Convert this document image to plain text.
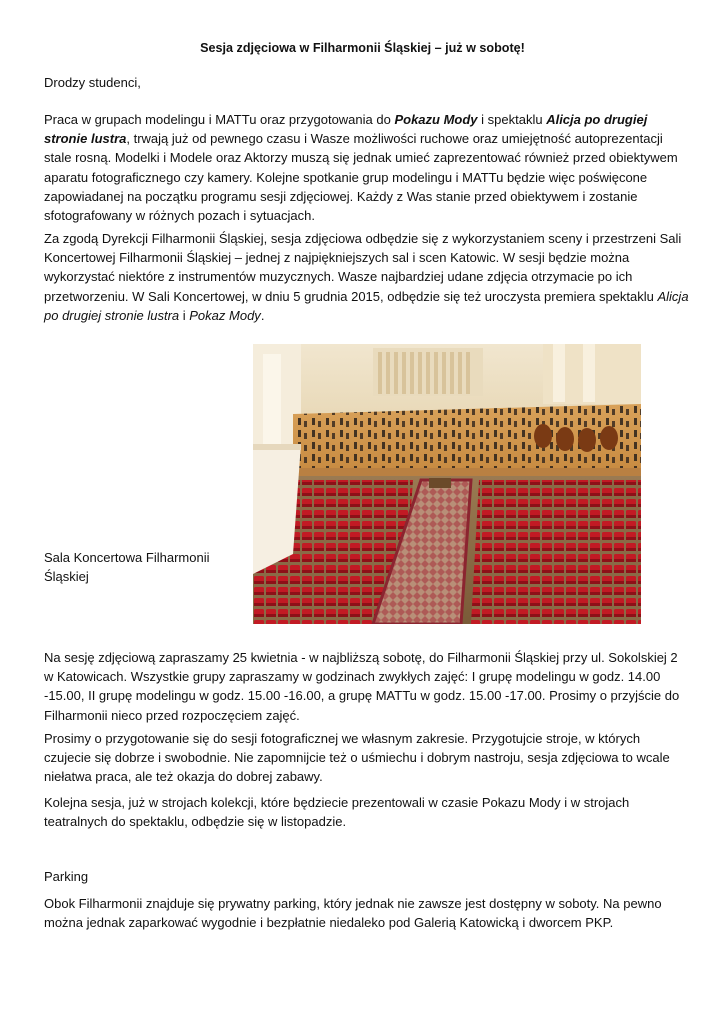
Sesja zdjęciowa w Filharmonii Śląskiej – już w sobotę!

Drodzy studenci,

Praca w grupach modelingu i MATTu oraz przygotowania do Pokazu Mody i spektaklu Alicja po drugiej stronie lustra, trwają już od pewnego czasu i Wasze możliwości ruchowe oraz umiejętność autoprezentacji stale rosną. Modelki i Modele oraz Aktorzy muszą się jednak umieć zaprezentować również przed obiektywem aparatu fotograficznego czy kamery. Kolejne spotkanie grup modelingu i MATTu będzie więc poświęcone zapowiadanej na początku programu sesji zdjęciowej. Każdy z Was stanie przed obiektywem i zostanie sfotografowany w różnych pozach i sytuacjach.

Za zgodą Dyrekcji Filharmonii Śląskiej, sesja zdjęciowa odbędzie się z wykorzystaniem sceny i przestrzeni Sali Koncertowej Filharmonii Śląskiej – jednej z najpiękniejszych sal i scen Katowic. W sesji będzie można wykorzystać niektóre z instrumentów muzycznych. Wasze najbardziej udane zdjęcia otrzymacie po ich przetworzeniu. W Sali Koncertowej, w dniu 5 grudnia 2015, odbędzie się też uroczysta premiera spektaklu Alicja po drugiej stronie lustra i Pokaz Mody.

Sala Koncertowa Filharmonii Śląskiej

Na sesję zdjęciową zapraszamy 25 kwietnia - w najbliższą sobotę, do Filharmonii Śląskiej przy ul. Sokolskiej 2 w Katowicach. Wszystkie grupy zapraszamy w godzinach zwykłych zajęć: I grupę modelingu w godz. 14.00 -15.00, II grupę modelingu w godz. 15.00 -16.00, a grupę MATTu w godz. 15.00 -17.00. Prosimy o przyjście do Filharmonii nieco przed rozpoczęciem zajęć.

Prosimy o przygotowanie się do sesji fotograficznej we własnym zakresie. Przygotujcie stroje, w których czujecie się dobrze i swobodnie. Nie zapomnijcie też o uśmiechu i dobrym nastroju, sesja zdjęciowa to wcale niełatwa praca, ale też okazja do dobrej zabawy.

Kolejna sesja, już w strojach kolekcji, które będziecie prezentowali w czasie Pokazu Mody i w strojach teatralnych do spektaklu, odbędzie się w listopadzie.

Parking

Obok Filharmonii znajduje się prywatny parking, który jednak nie zawsze jest dostępny w soboty. Na pewno można jednak zaparkować wygodnie i bezpłatnie niedaleko pod Galerią Katowicką i dworcem PKP.
